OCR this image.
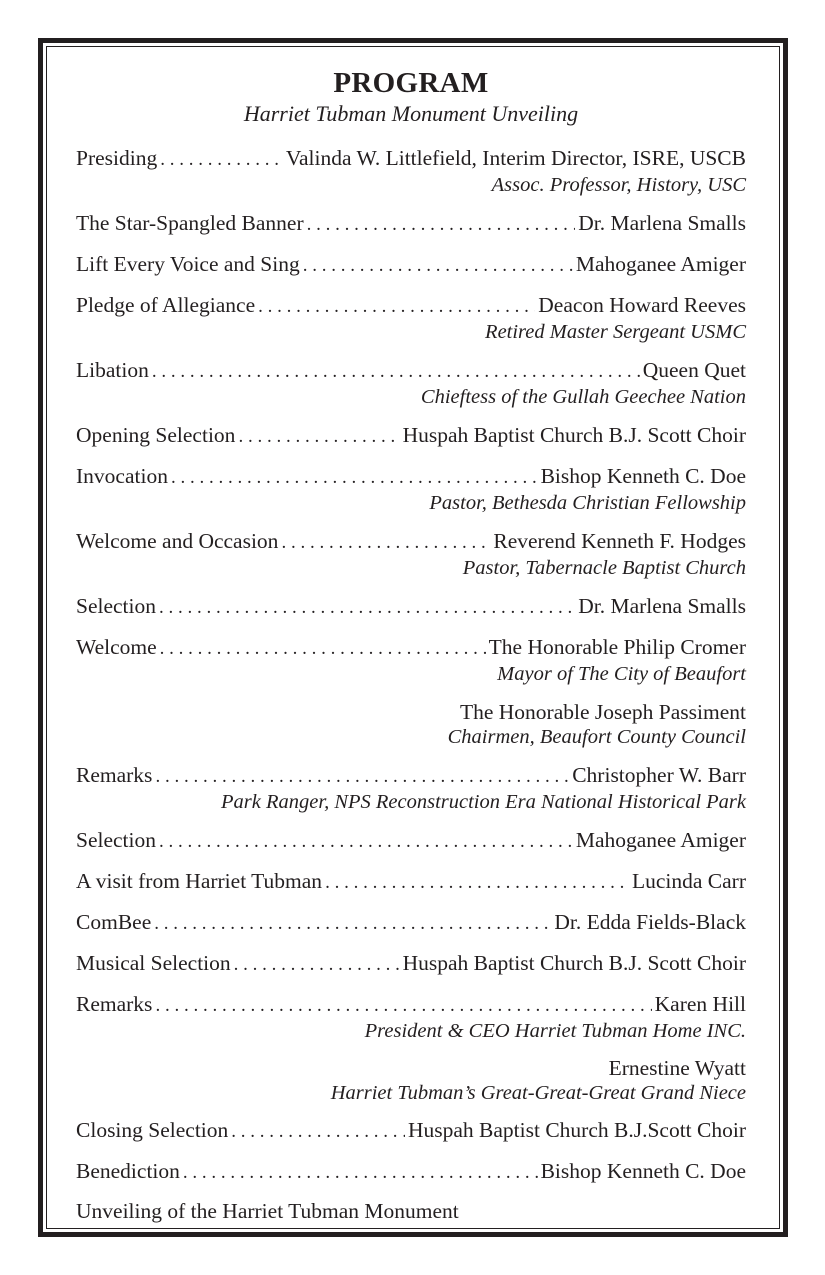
PROGRAM
Harriet Tubman Monument Unveiling
Presiding . . .	Valinda W. Littlefield, Interim Director, ISRE, USCB
Assoc. Professor, History, USC
The Star-Spangled Banner . . .	Dr. Marlena Smalls
Lift Every Voice and Sing . . .	Mahoganee Amiger
Pledge of Allegiance . . .	Deacon Howard Reeves
Retired Master Sergeant USMC
Libation . . .	Queen Quet
Chieftess of the Gullah Geechee Nation
Opening Selection . . .	Huspah Baptist Church B.J. Scott Choir
Invocation . . .	Bishop Kenneth C. Doe
Pastor, Bethesda Christian Fellowship
Welcome and Occasion . . .	Reverend Kenneth F. Hodges
Pastor, Tabernacle Baptist Church
Selection . . .	Dr. Marlena Smalls
Welcome . . .	The Honorable Philip Cromer
Mayor of The City of Beaufort
The Honorable Joseph Passiment
Chairmen, Beaufort County Council
Remarks . . .	Christopher W. Barr
Park Ranger, NPS Reconstruction Era National Historical Park
Selection . . .	Mahoganee Amiger
A visit from Harriet Tubman . . .	Lucinda Carr
ComBee . . .	Dr. Edda Fields-Black
Musical Selection . . .	Huspah Baptist Church B.J. Scott Choir
Remarks . . .	Karen Hill
President & CEO Harriet Tubman Home INC.
Ernestine Wyatt
Harriet Tubman’s Great-Great-Great Grand Niece
Closing Selection . . .	Huspah Baptist Church B.J.Scott Choir
Benediction . . .	Bishop Kenneth C. Doe
Unveiling of the Harriet Tubman Monument
